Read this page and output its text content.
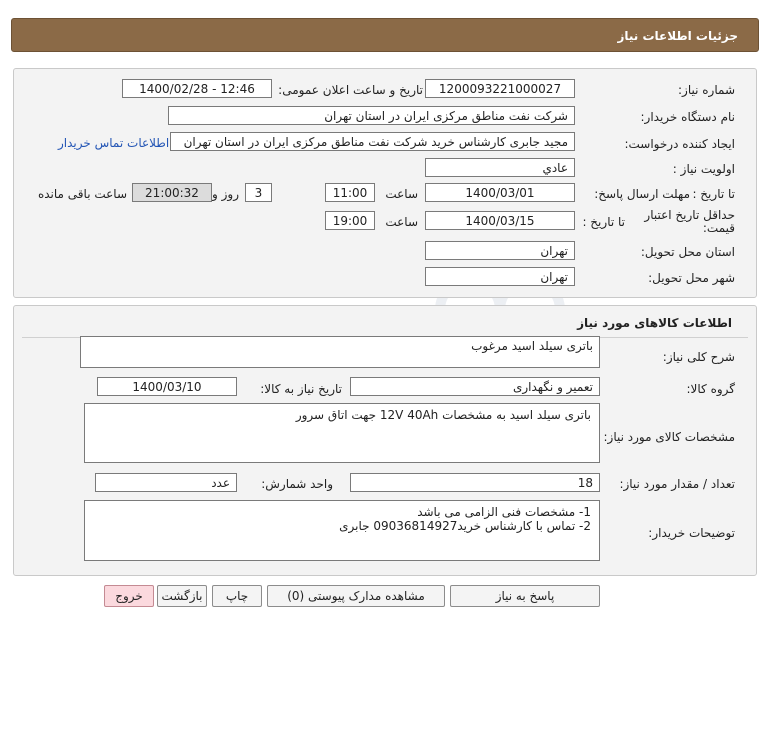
جزئیات اطلاعات نیاز
شماره نیاز:
1200093221000027
تاریخ و ساعت اعلان عمومی:
1400/02/28 - 12:46
نام دستگاه خریدار:
شرکت نفت مناطق مرکزی ایران در استان تهران
ایجاد کننده درخواست:
مجید جابری کارشناس خرید شرکت نفت مناطق مرکزی ایران در استان تهران
اطلاعات تماس خریدار
اولویت نیاز :
عادي
مهلت ارسال پاسخ: تا تاریخ :
1400/03/01
ساعت
11:00
3
روز و
21:00:32
ساعت باقی مانده
حداقل تاریخ اعتبار قیمت:
تا تاریخ :
1400/03/15
ساعت
19:00
استان محل تحویل:
تهران
شهر محل تحویل:
تهران
اطلاعات کالاهای مورد نیاز
شرح کلی نیاز:
باتری سیلد اسید مرغوب
گروه کالا:
تعمیر و نگهداری
تاریخ نیاز به کالا:
1400/03/10
مشخصات کالای مورد نیاز:
باتری سیلد اسید به مشخصات 12V 40Ah جهت اتاق سرور
تعداد / مقدار مورد نیاز:
18
واحد شمارش:
عدد
توضیحات خریدار:
1- مشخصات فنی الزامی می باشد
2- تماس با کارشناس خرید09036814927 جابری
پاسخ به نیاز
مشاهده مدارک پیوستی (0)
چاپ
بازگشت
خروج
